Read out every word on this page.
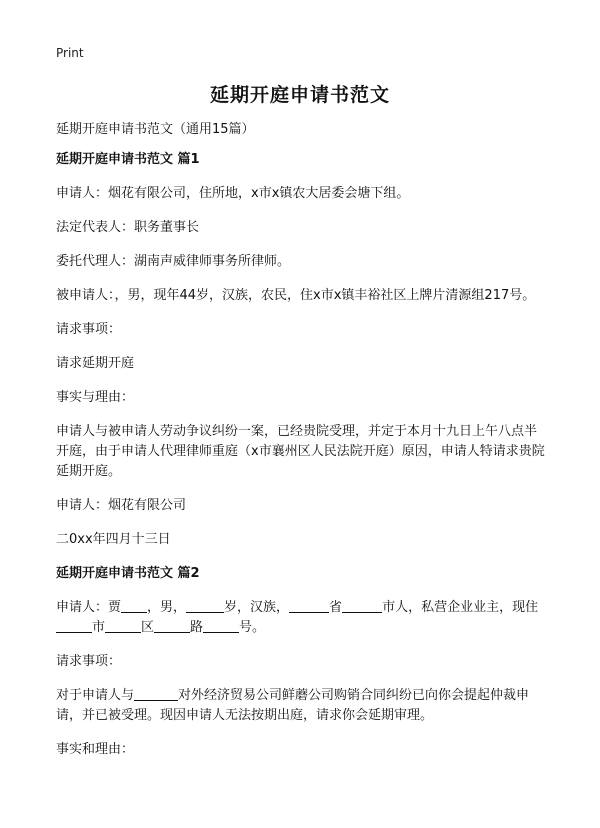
Print
延期开庭申请书范文

延期开庭申请书范文（通用15篇）

延期开庭申请书范文 篇1

申请人：烟花有限公司，住所地，x市x镇农大居委会塘下组。

法定代表人：职务董事长

委托代理人：湖南声威律师事务所律师。

被申请人：，男，现年44岁，汉族，农民，住x市x镇丰裕社区上牌片清源组217号。

请求事项：

请求延期开庭

事实与理由：

申请人与被申请人劳动争议纠纷一案，已经贵院受理，并定于本月十九日上午八点半开庭，由于申请人代理律师重庭（x市襄州区人民法院开庭）原因，申请人特请求贵院延期开庭。

申请人：烟花有限公司

二0xx年四月十三日

延期开庭申请书范文 篇2

申请人：贾 ，男，	岁，汉族，	省	市人，私营企业业主，现住市	区	路	号。

请求事项：

对于申请人与	对外经济贸易公司鲜蘑公司购销合同纠纷已向你会提起仲裁申请，并已被受理。现因申请人无法按期出庭，请求你会延期审理。

事实和理由：
